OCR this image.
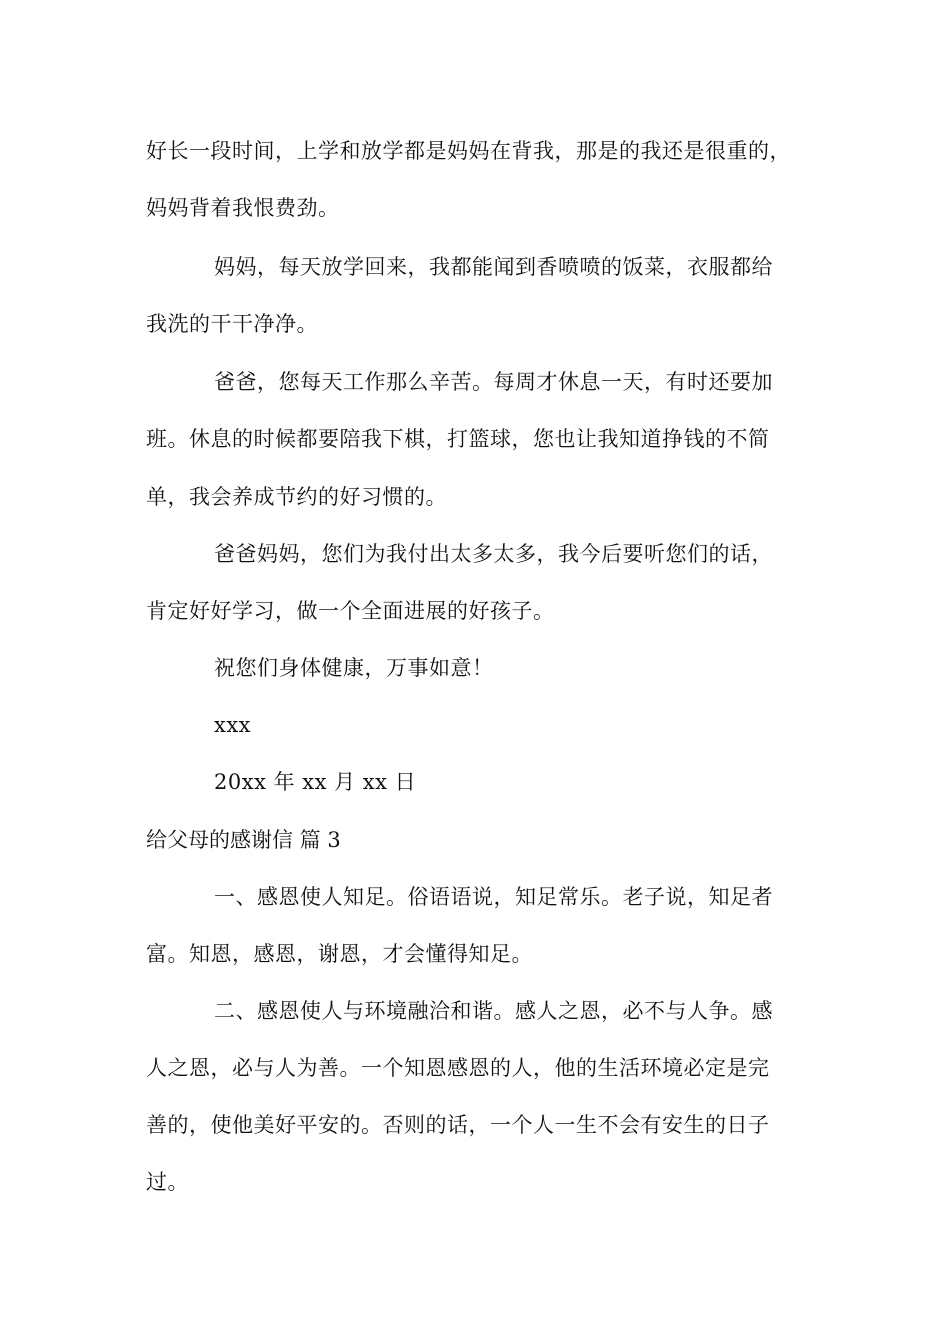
好长一段时间，上学和放学都是妈妈在背我，那是的我还是很重的，
妈妈背着我恨费劲。
妈妈，每天放学回来，我都能闻到香喷喷的饭菜，衣服都给
我洗的干干净净。
爸爸，您每天工作那么辛苦。每周才休息一天，有时还要加
班。休息的时候都要陪我下棋，打篮球，您也让我知道挣钱的不简
单，我会养成节约的好习惯的。
爸爸妈妈，您们为我付出太多太多，我今后要听您们的话，
肯定好好学习，做一个全面进展的好孩子。
祝您们身体健康，万事如意！
xxx
20xx 年 xx 月 xx 日
给父母的感谢信 篇 3
一、感恩使人知足。俗语语说，知足常乐。老子说，知足者
富。知恩，感恩，谢恩，才会懂得知足。
二、感恩使人与环境融洽和谐。感人之恩，必不与人争。感
人之恩，必与人为善。一个知恩感恩的人，他的生活环境必定是完
善的，使他美好平安的。否则的话，一个人一生不会有安生的日子
过。
